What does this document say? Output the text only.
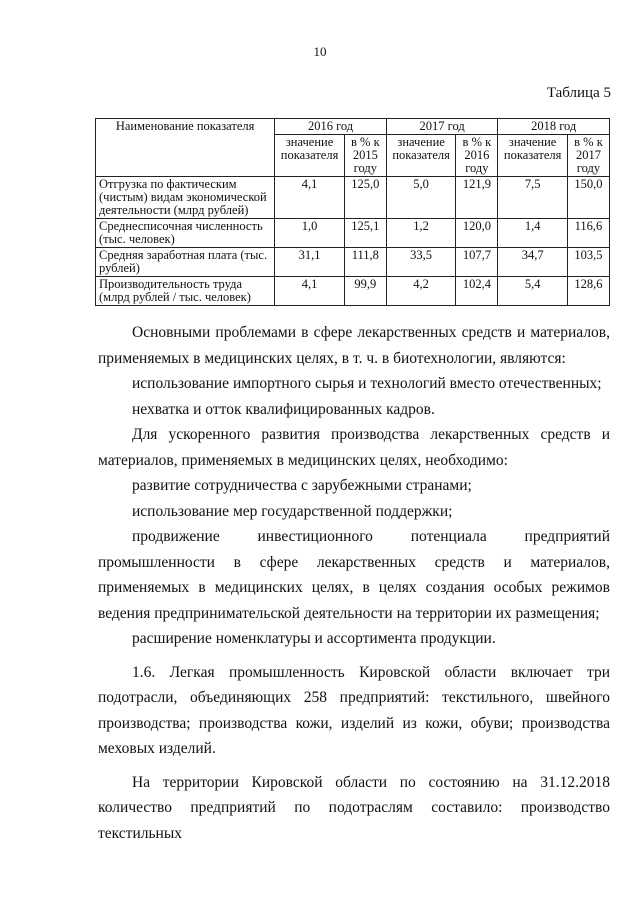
10
Таблица 5
Наименование показателя	2016 год		2017 год		2018 год	
	значение показателя	в % к 2015 году	значение показателя	в % к 2016 году	значение показателя	в % к 2017 году
Отгрузка по фактическим (чистым) видам экономической деятельности (млрд рублей)	4,1	125,0	5,0	121,9	7,5	150,0
Среднесписочная численность (тыс. человек)	1,0	125,1	1,2	120,0	1,4	116,6
Средняя заработная плата (тыс. рублей)	31,1	111,8	33,5	107,7	34,7	103,5
Производительность труда (млрд рублей / тыс. человек)	4,1	99,9	4,2	102,4	5,4	128,6

Основными проблемами в сфере лекарственных средств и материалов, применяемых в медицинских целях, в т. ч. в биотехнологии, являются:

использование импортного сырья и технологий вместо отечественных;

нехватка и отток квалифицированных кадров.

Для ускоренного развития производства лекарственных средств и материалов, применяемых в медицинских целях, необходимо:

развитие сотрудничества с зарубежными странами;

использование мер государственной поддержки;

продвижение инвестиционного потенциала предприятий промышленности в сфере лекарственных средств и материалов, применяемых в медицинских целях, в целях создания особых режимов ведения предпринимательской деятельности на территории их размещения;

расширение номенклатуры и ассортимента продукции.

1.6. Легкая промышленность Кировской области включает три подотрасли, объединяющих 258 предприятий: текстильного, швейного производства; производства кожи, изделий из кожи, обуви; производства меховых изделий.

На территории Кировской области по состоянию на 31.12.2018 количество предприятий по подотраслям составило: производство текстильных
